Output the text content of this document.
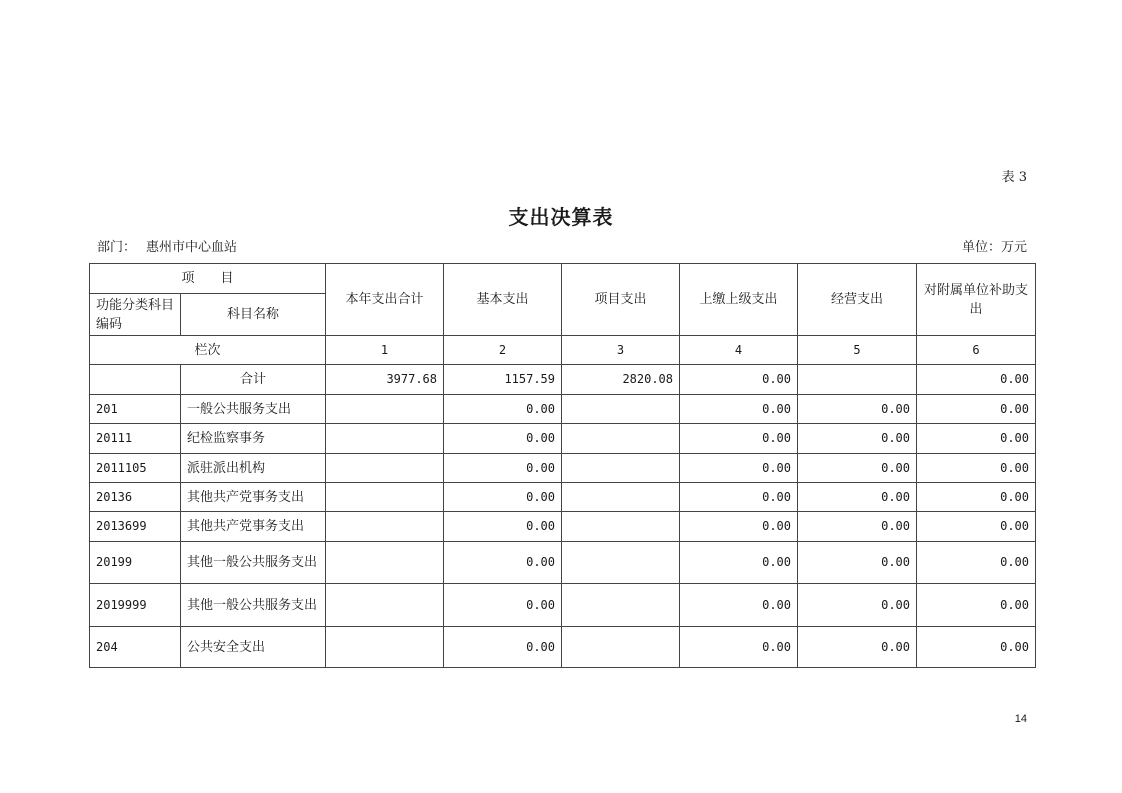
表 3
支出决算表
部门： 惠州市中心血站	单位：万元
项　　目		本年支出合计	基本支出	项目支出	上缴上级支出	经营支出	对附属单位补助支出
功能分类科目编码	科目名称						
栏次		1	2	3	4	5	6
	合计	3977.68	1157.59	2820.08	0.00		0.00
201	一般公共服务支出		0.00		0.00	0.00	0.00
20111	纪检监察事务		0.00		0.00	0.00	0.00
2011105	派驻派出机构		0.00		0.00	0.00	0.00
20136	其他共产党事务支出		0.00		0.00	0.00	0.00
2013699	其他共产党事务支出		0.00		0.00	0.00	0.00
20199	其他一般公共服务支出		0.00		0.00	0.00	0.00
2019999	其他一般公共服务支出		0.00		0.00	0.00	0.00
204	公共安全支出		0.00		0.00	0.00	0.00
14
